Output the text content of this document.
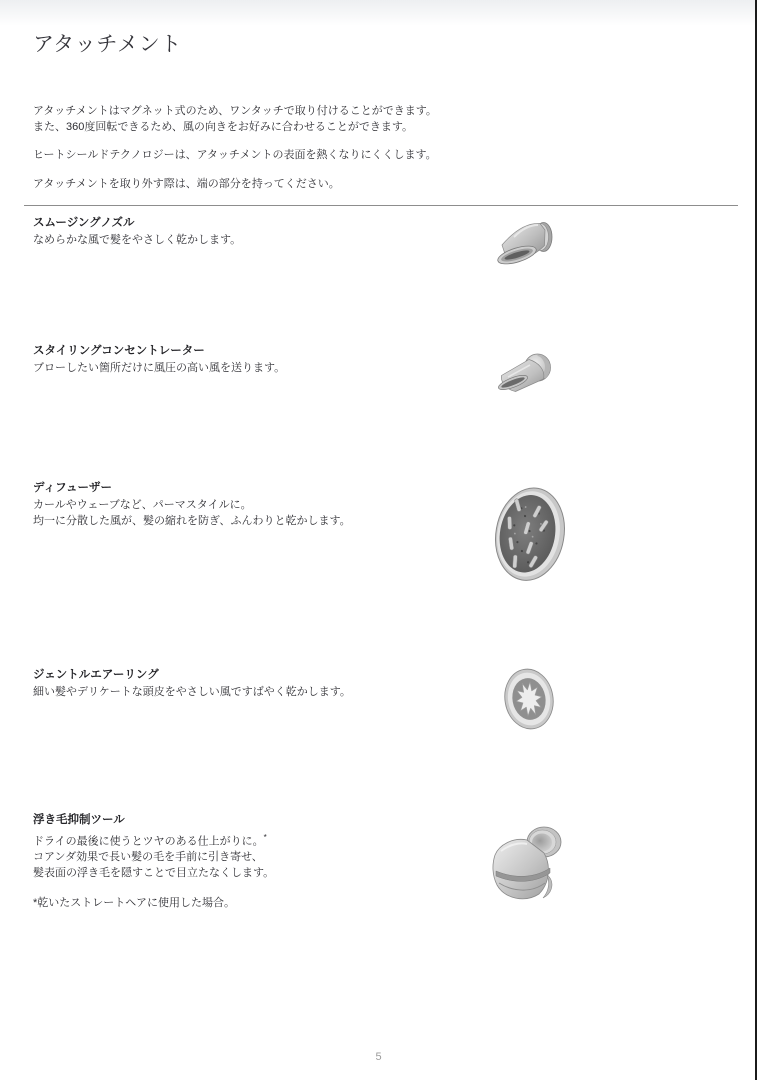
アタッチメント

アタッチメントはマグネット式のため、ワンタッチで取り付けることができます。
また、360度回転できるため、風の向きをお好みに合わせることができます。

ヒートシールドテクノロジーは、アタッチメントの表面を熱くなりにくくします。

アタッチメントを取り外す際は、端の部分を持ってください。

スムージングノズル

なめらかな風で髪をやさしく乾かします。

スタイリングコンセントレーター

ブローしたい箇所だけに風圧の高い風を送ります。

ディフューザー

カールやウェーブなど、パーマスタイルに。
均一に分散した風が、髪の縮れを防ぎ、ふんわりと乾かします。

ジェントルエアーリング

細い髪やデリケートな頭皮をやさしい風ですばやく乾かします。

浮き毛抑制ツール

ドライの最後に使うとツヤのある仕上がりに。*
コアンダ効果で長い髪の毛を手前に引き寄せ、
髪表面の浮き毛を隠すことで目立たなくします。

*乾いたストレートヘアに使用した場合。

5
